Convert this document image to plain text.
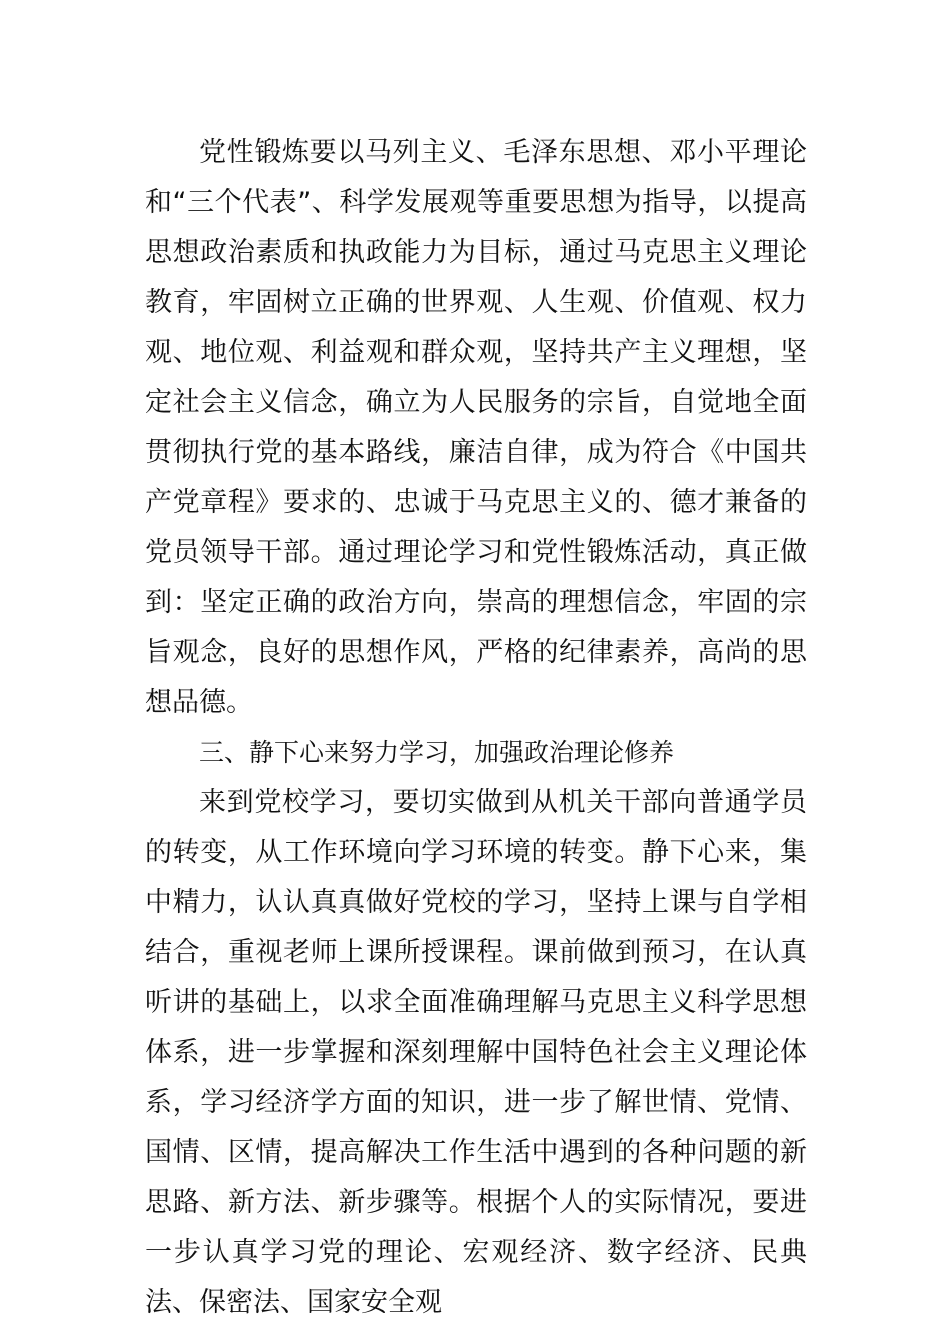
党性锻炼要以马列主义、毛泽东思想、邓小平理论和“三个代表”、科学发展观等重要思想为指导，以提高思想政治素质和执政能力为目标，通过马克思主义理论教育，牢固树立正确的世界观、人生观、价值观、权力观、地位观、利益观和群众观，坚持共产主义理想，坚定社会主义信念，确立为人民服务的宗旨，自觉地全面贯彻执行党的基本路线，廉洁自律，成为符合《中国共产党章程》要求的、忠诚于马克思主义的、德才兼备的党员领导干部。通过理论学习和党性锻炼活动，真正做到：坚定正确的政治方向，崇高的理想信念，牢固的宗旨观念，良好的思想作风，严格的纪律素养，高尚的思想品德。

三、静下心来努力学习，加强政治理论修养

来到党校学习，要切实做到从机关干部向普通学员的转变，从工作环境向学习环境的转变。静下心来，集中精力，认认真真做好党校的学习，坚持上课与自学相结合，重视老师上课所授课程。课前做到预习，在认真听讲的基础上，以求全面准确理解马克思主义科学思想体系，进一步掌握和深刻理解中国特色社会主义理论体系，学习经济学方面的知识，进一步了解世情、党情、国情、区情，提高解决工作生活中遇到的各种问题的新思路、新方法、新步骤等。根据个人的实际情况，要进一步认真学习党的理论、宏观经济、数字经济、民典法、保密法、国家安全观
